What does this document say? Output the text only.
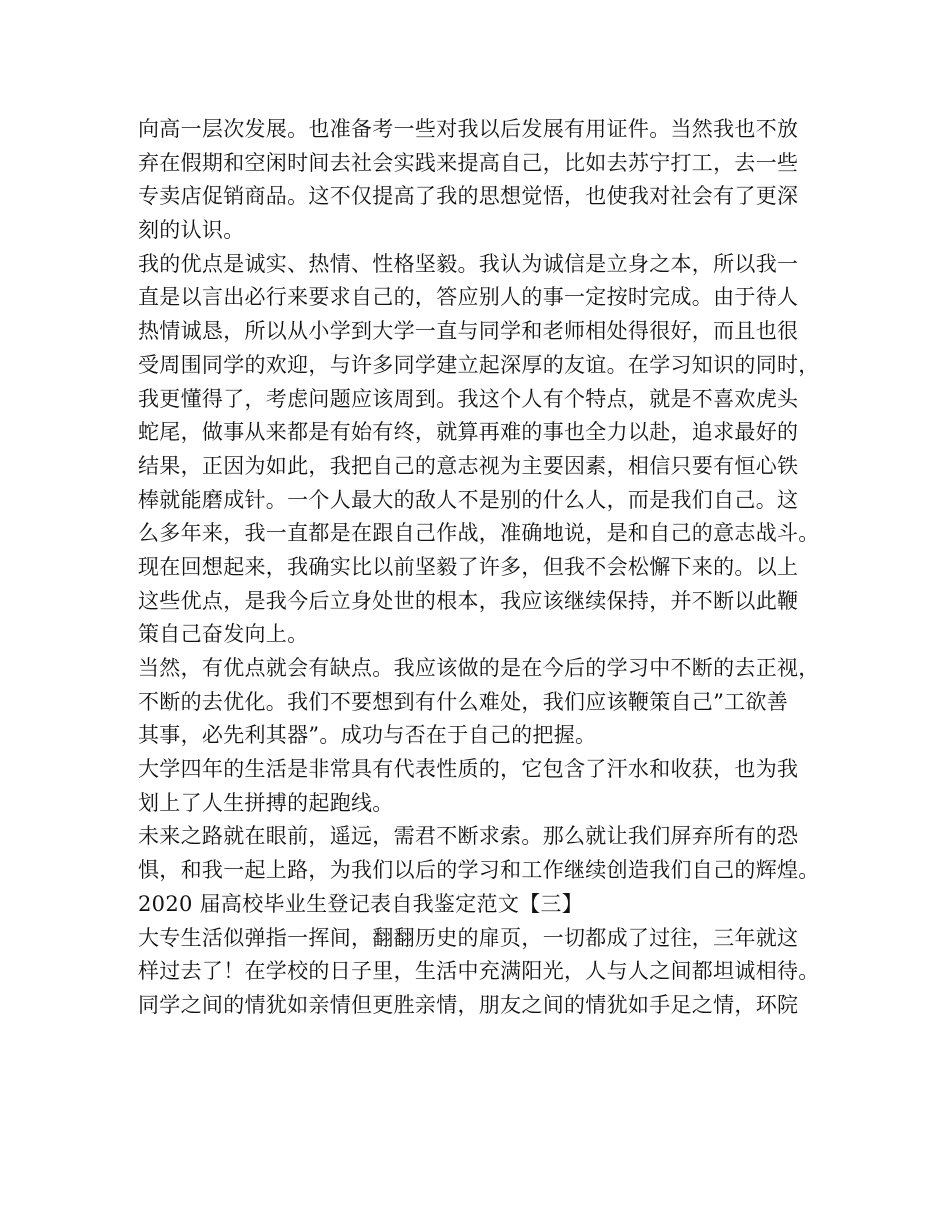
向高一层次发展。也准备考一些对我以后发展有用证件。当然我也不放
弃在假期和空闲时间去社会实践来提高自己，比如去苏宁打工，去一些
专卖店促销商品。这不仅提高了我的思想觉悟，也使我对社会有了更深
刻的认识。
我的优点是诚实、热情、性格坚毅。我认为诚信是立身之本，所以我一
直是以言出必行来要求自己的，答应别人的事一定按时完成。由于待人
热情诚恳，所以从小学到大学一直与同学和老师相处得很好，而且也很
受周围同学的欢迎，与许多同学建立起深厚的友谊。在学习知识的同时，
我更懂得了，考虑问题应该周到。我这个人有个特点，就是不喜欢虎头
蛇尾，做事从来都是有始有终，就算再难的事也全力以赴，追求最好的
结果，正因为如此，我把自己的意志视为主要因素，相信只要有恒心铁
棒就能磨成针。一个人最大的敌人不是别的什么人，而是我们自己。这
么多年来，我一直都是在跟自己作战，准确地说，是和自己的意志战斗。
现在回想起来，我确实比以前坚毅了许多，但我不会松懈下来的。以上
这些优点，是我今后立身处世的根本，我应该继续保持，并不断以此鞭
策自己奋发向上。
当然，有优点就会有缺点。我应该做的是在今后的学习中不断的去正视，
不断的去优化。我们不要想到有什么难处，我们应该鞭策自己”工欲善
其事，必先利其器”。成功与否在于自己的把握。
大学四年的生活是非常具有代表性质的，它包含了汗水和收获，也为我
划上了人生拼搏的起跑线。
未来之路就在眼前，遥远，需君不断求索。那么就让我们屏弃所有的恐
惧，和我一起上路，为我们以后的学习和工作继续创造我们自己的辉煌。
2020 届高校毕业生登记表自我鉴定范文【三】
大专生活似弹指一挥间，翻翻历史的扉页，一切都成了过往，三年就这
样过去了！在学校的日子里，生活中充满阳光，人与人之间都坦诚相待。
同学之间的情犹如亲情但更胜亲情，朋友之间的情犹如手足之情，环院
